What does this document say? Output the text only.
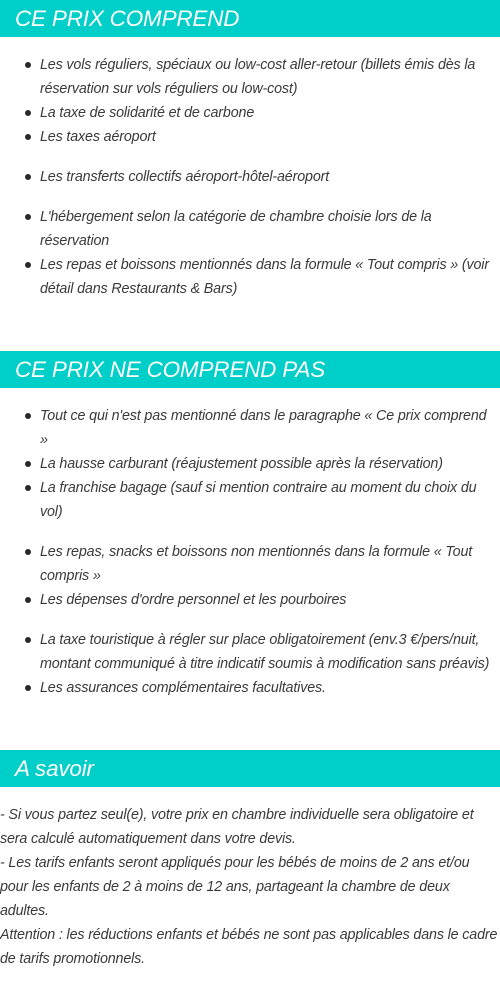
CE PRIX COMPREND
Les vols réguliers, spéciaux ou low-cost aller-retour (billets émis dès la réservation sur vols réguliers ou low-cost)
La taxe de solidarité et de carbone
Les taxes aéroport
Les transferts collectifs aéroport-hôtel-aéroport
L'hébergement selon la catégorie de chambre choisie lors de la réservation
Les repas et boissons mentionnés dans la formule « Tout compris » (voir détail dans Restaurants & Bars)
CE PRIX NE COMPREND PAS
Tout ce qui n'est pas mentionné dans le paragraphe « Ce prix comprend »
La hausse carburant (réajustement possible après la réservation)
La franchise bagage (sauf si mention contraire au moment du choix du vol)
Les repas, snacks et boissons non mentionnés dans la formule « Tout compris »
Les dépenses d'ordre personnel et les pourboires
La taxe touristique à régler sur place obligatoirement (env.3 €/pers/nuit, montant communiqué à titre indicatif soumis à modification sans préavis)
Les assurances complémentaires facultatives.
A savoir

- Si vous partez seul(e), votre prix en chambre individuelle sera obligatoire et sera calculé automatiquement dans votre devis.

- Les tarifs enfants seront appliqués pour les bébés de moins de 2 ans et/ou pour les enfants de 2 à moins de 12 ans, partageant la chambre de deux adultes.

Attention : les réductions enfants et bébés ne sont pas applicables dans le cadre de tarifs promotionnels.
